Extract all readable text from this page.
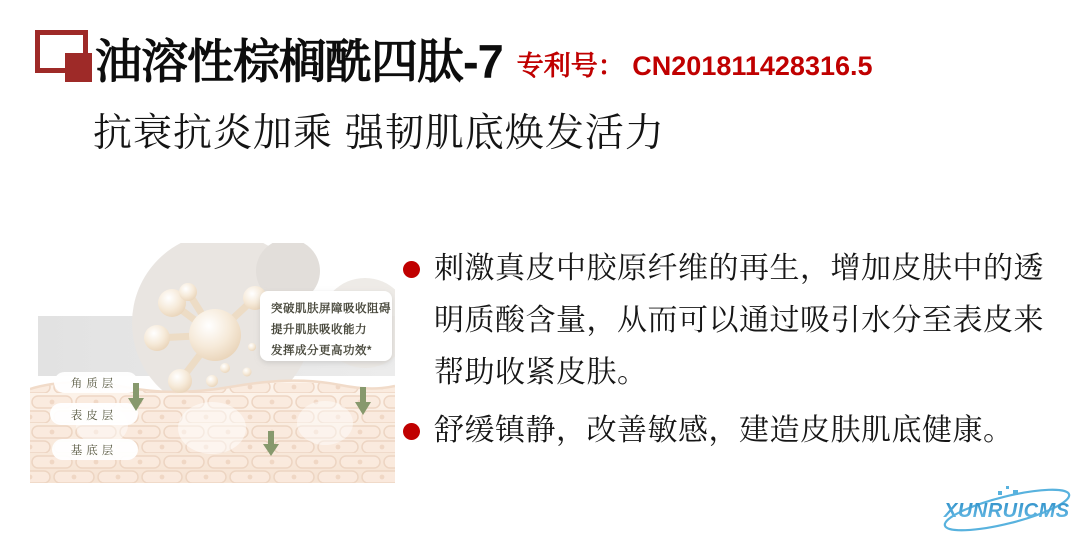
油溶性棕榈酰四肽-7 专利号： CN201811428316.5
抗衰抗炎加乘 强韧肌底焕发活力
角质层
表皮层
基底层
突破肌肤屏障吸收阻碍
提升肌肤吸收能力
发挥成分更高功效*
刺激真皮中胶原纤维的再生，增加皮肤中的透明质酸含量，从而可以通过吸引水分至表皮来帮助收紧皮肤。
舒缓镇静，改善敏感，建造皮肤肌底健康。
XUNRUICMS
